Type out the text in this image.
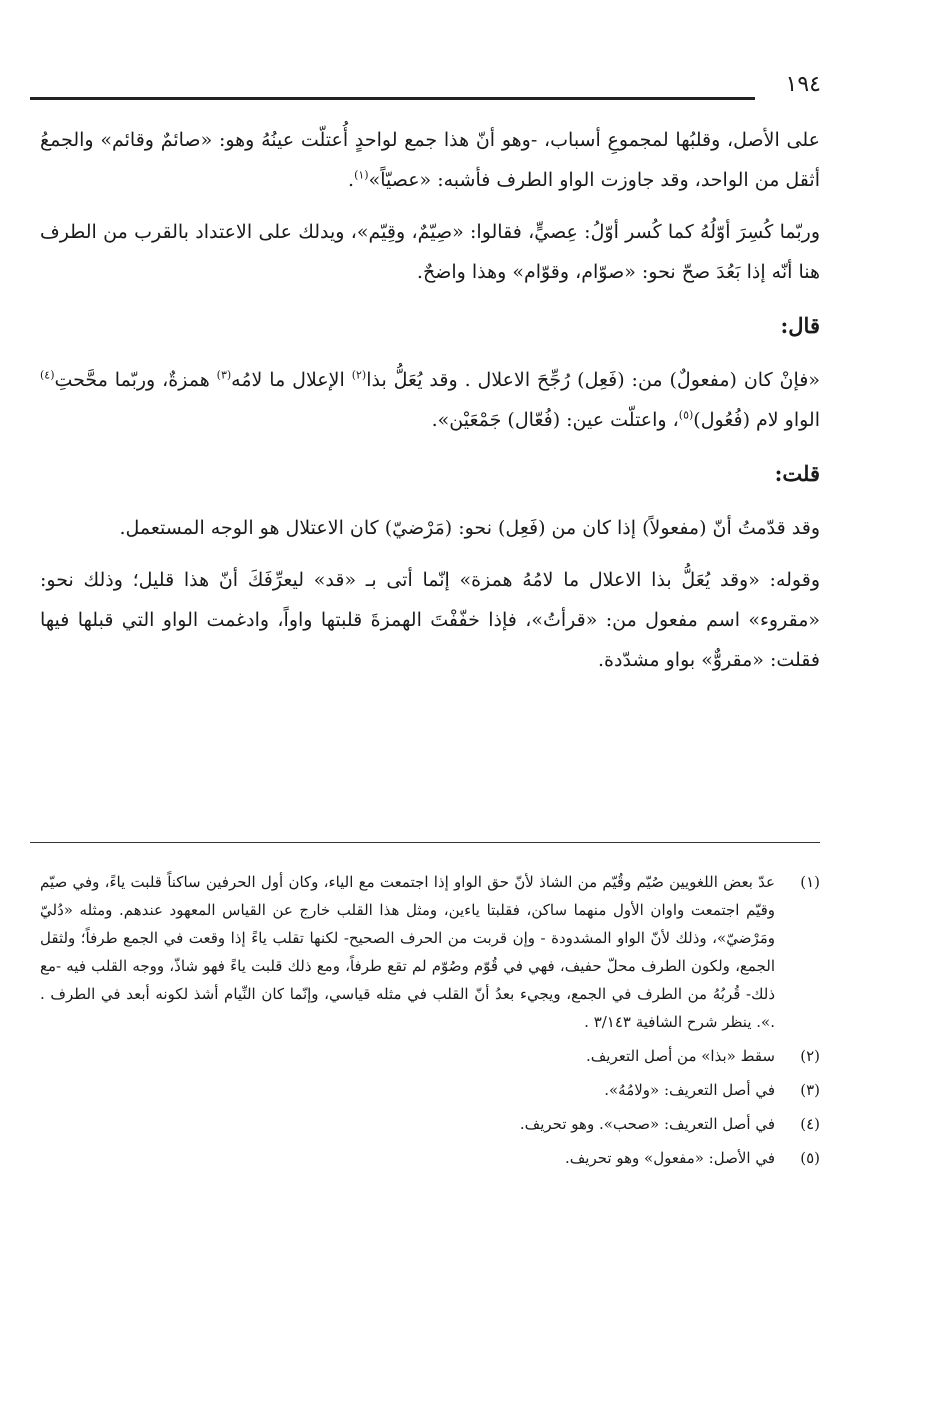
١٩٤

على الأصل، وقلبُها لمجموعِ أسباب، -وهو أنّ هذا جمع لواحدٍ أُعتلّت عينُهُ وهو: «صائمٌ وقائم» والجمعُ أثقل من الواحد، وقد جاوزت الواو الطرف فأشبه: «عصيّاً»$^{(١)}$.

وربّما كُسِرَ أوّلُهُ كما كُسر أوّلُ: عِصيٍّ، فقالوا: «صِيّمٌ، وقِيّم»، ويدلك على الاعتداد بالقرب من الطرف هنا أنّه إذا بَعُدَ صحّ نحو: «صوّام، وقوّام» وهذا واضحٌ.

قال:

«فإنْ كان (مفعولٌ) من: (فَعِل) رُجِّحَ الاعلال . وقد يُعَلُّ بذا$^{(٢)}$ الإعلال ما لامُه$^{(٣)}$ همزةٌ، وربّما محَّحتِ$^{(٤)}$ الواو لام (فُعُول)$^{(٥)}$، واعتلّت عين: (فُعّال) جَمْعَيْن».

قلت:

وقد قدّمتُ أنّ (مفعولاً) إذا كان من (فَعِل) نحو: (مَرْضيّ) كان الاعتلال هو الوجه المستعمل.

وقوله: «وقد يُعَلُّ بذا الاعلال ما لامُهُ همزة» إنّما أتى بـ «قد» ليعرِّفَكَ أنّ هذا قليل؛ وذلك نحو: «مقروء» اسم مفعول من: «قرأتُ»، فإذا خفّفْتَ الهمزةَ قلبتها واواً، وادغمت الواو التي قبلها فيها فقلت: «مقروٌّ» بواو مشدّدة.

(١)
عدّ بعض اللغويين صُيّم وقُيّم من الشاذ لأنّ حق الواو إذا اجتمعت مع الياء، وكان أول الحرفين ساكناً قلبت ياءً، وفي صيّم وقيّم اجتمعت واوان الأول منهما ساكن، فقلبتا ياءين، ومثل هذا القلب خارج عن القياس المعهود عندهم. ومثله «دُليّ ومَرْضيّ»، وذلك لأنّ الواو المشدودة - وإن قربت من الحرف الصحيح- لكنها تقلب ياءً إذا وقعت في الجمع طرفاً؛ ولثقل الجمع، ولكون الطرف محلّ حفيف، فهي في قُوّم وصُوّم لم تقع طرفاً، ومع ذلك قلبت ياءً فهو شاذّ، ووجه القلب فيه -مع ذلك- قُربُهُ من الطرف في الجمع، ويجيء بعدُ أنّ القلب في مثله قياسي، وإنّما كان النِّيام أشذ لكونه أبعد في الطرف . .». ينظر شرح الشافية ٣/١٤٣ .
(٢)
سقط «بذا» من أصل التعريف.
(٣)
في أصل التعريف: «ولامُهُ».
(٤)
في أصل التعريف: «صحب». وهو تحريف.
(٥)
في الأصل: «مفعول» وهو تحريف.
